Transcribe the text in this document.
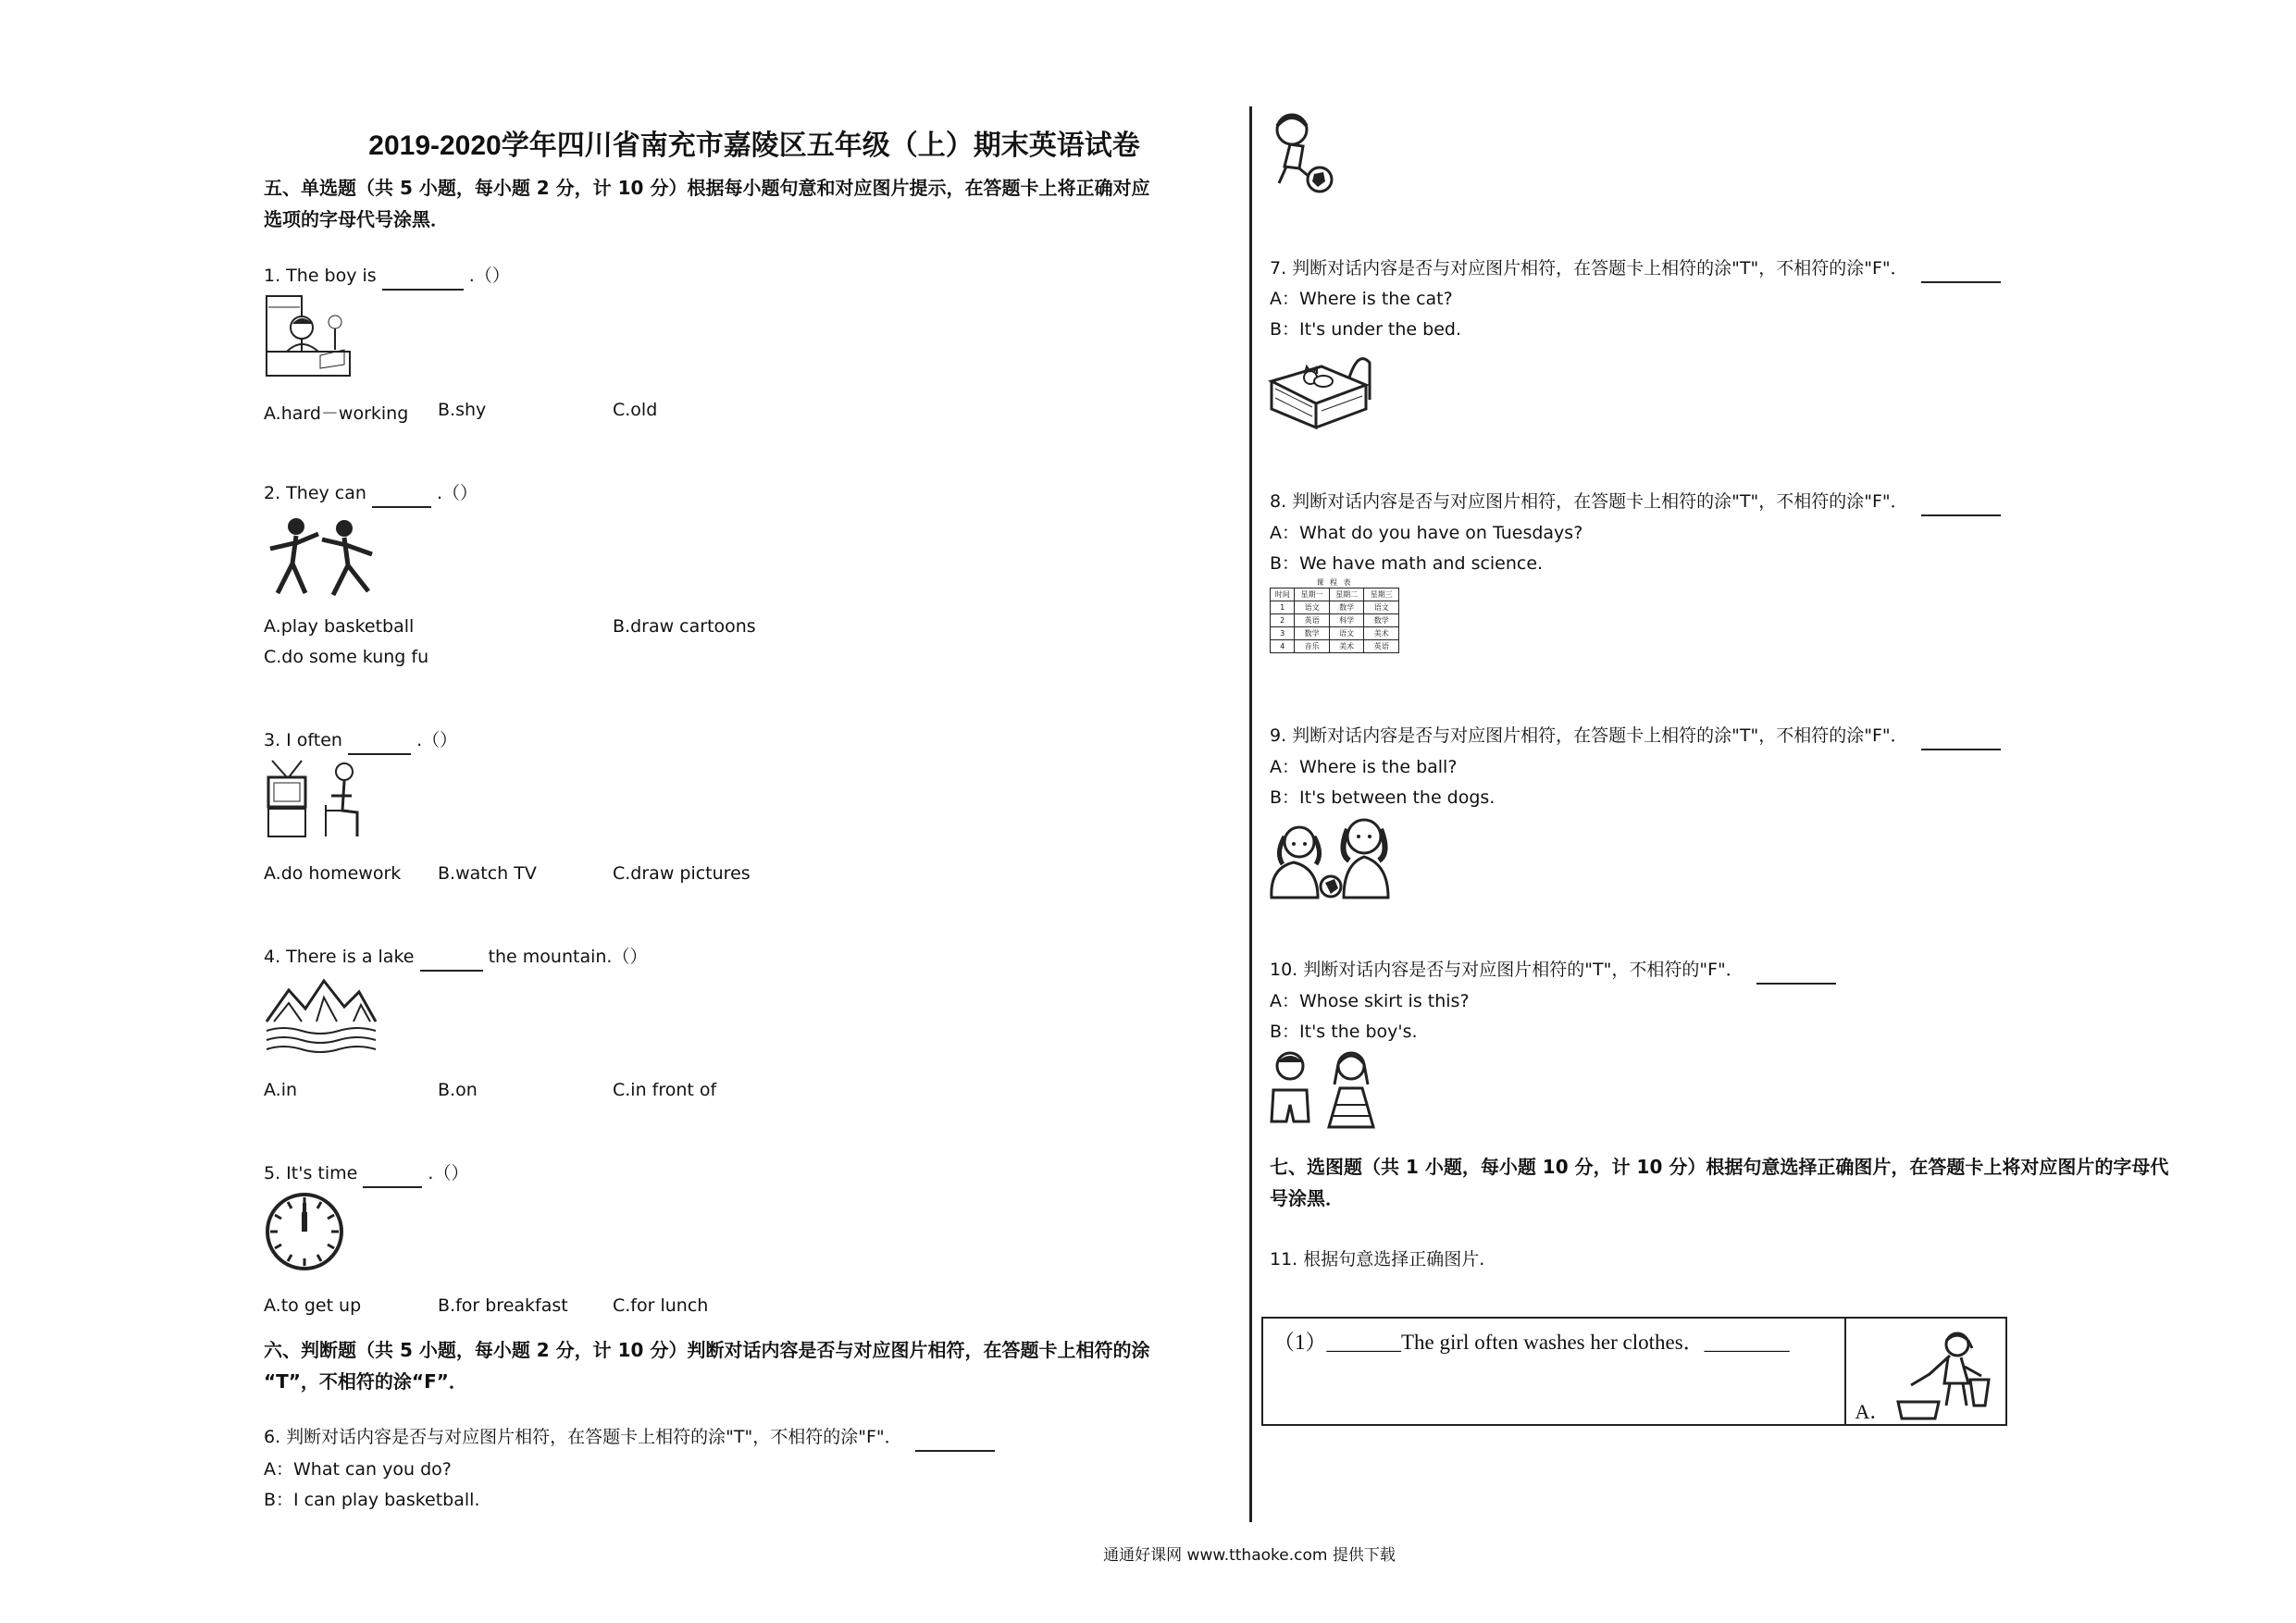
2019-2020学年四川省南充市嘉陵区五年级（上）期末英语试卷
五、单选题（共 5 小题，每小题 2 分，计 10 分）根据每小题句意和对应图片提示，在答题卡上将正确对应
选项的字母代号涂黑．
1. The boy is	.（）
A.hard－working B.shy	C.old
2. They can	.（）
A.play basketball	B.draw cartoons
C.do some kung fu
3. I often	.（）
A.do homework B.watch TV	C.draw pictures
4. There is a lake	the mountain.（）
A.in	B.on	C.in front of
5. It's time	.（）
A.to get up	B.for breakfast	C.for lunch
六、判断题（共 5 小题，每小题 2 分，计 10 分）判断对话内容是否与对应图片相符，在答题卡上相符的涂
“T”，不相符的涂“F”．
6. 判断对话内容是否与对应图片相符，在答题卡上相符的涂"T"，不相符的涂"F"．
A：What can you do?
B：I can play basketball.
7. 判断对话内容是否与对应图片相符，在答题卡上相符的涂"T"，不相符的涂"F"．
A：Where is the cat?
B：It's under the bed.
8. 判断对话内容是否与对应图片相符，在答题卡上相符的涂"T"，不相符的涂"F"．
A：What do you have on Tuesdays?
B：We have math and science.
课 程 表
时间	星期一	星期二	星期三
1	语文	数学	语文
2	英语	科学	数学
3	数学	语文	美术
4	音乐	美术	英语
9. 判断对话内容是否与对应图片相符，在答题卡上相符的涂"T"，不相符的涂"F"．
A：Where is the ball?
B：It's between the dogs.
10. 判断对话内容是否与对应图片相符的"T"，不相符的"F"．
A：Whose skirt is this?
B：It's the boy's.
七、选图题（共 1 小题，每小题 10 分，计 10 分）根据句意选择正确图片，在答题卡上将对应图片的字母代
号涂黑．
11. 根据句意选择正确图片.
（1）_______The girl often washes her clothes．________

A．
通通好课网 www.tthaoke.com 提供下载
